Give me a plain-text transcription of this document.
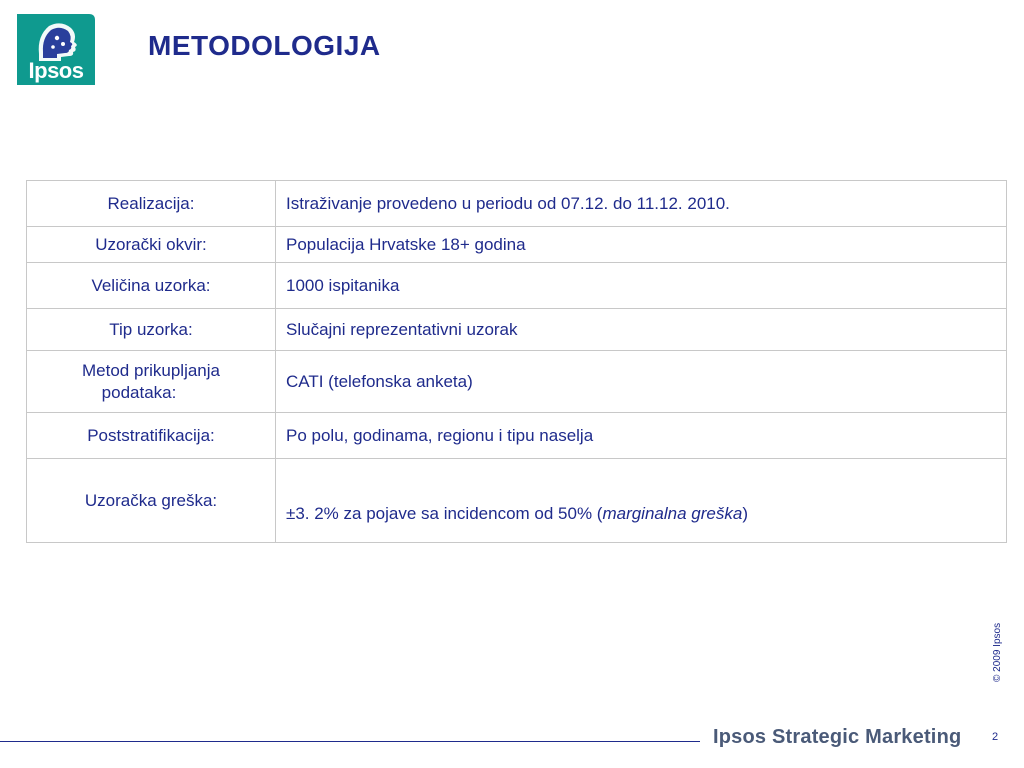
Ipsos
METODOLOGIJA
Realizacija:	Istraživanje provedeno u periodu od 07.12. do 11.12. 2010.
Uzorački okvir:	Populacija Hrvatske 18+ godina
Veličina uzorka:	1000 ispitanika
Tip uzorka:	Slučajni reprezentativni uzorak

Metod prikupljanja
podataka:	CATI (telefonska anketa)
Poststratifikacija:	Po polu, godinama, regionu i tipu naselja
Uzoračka greška:	±3. 2% za pojave sa incidencom od 50% (marginalna greška)
© 2009 Ipsos
Ipsos Strategic Marketing	2
